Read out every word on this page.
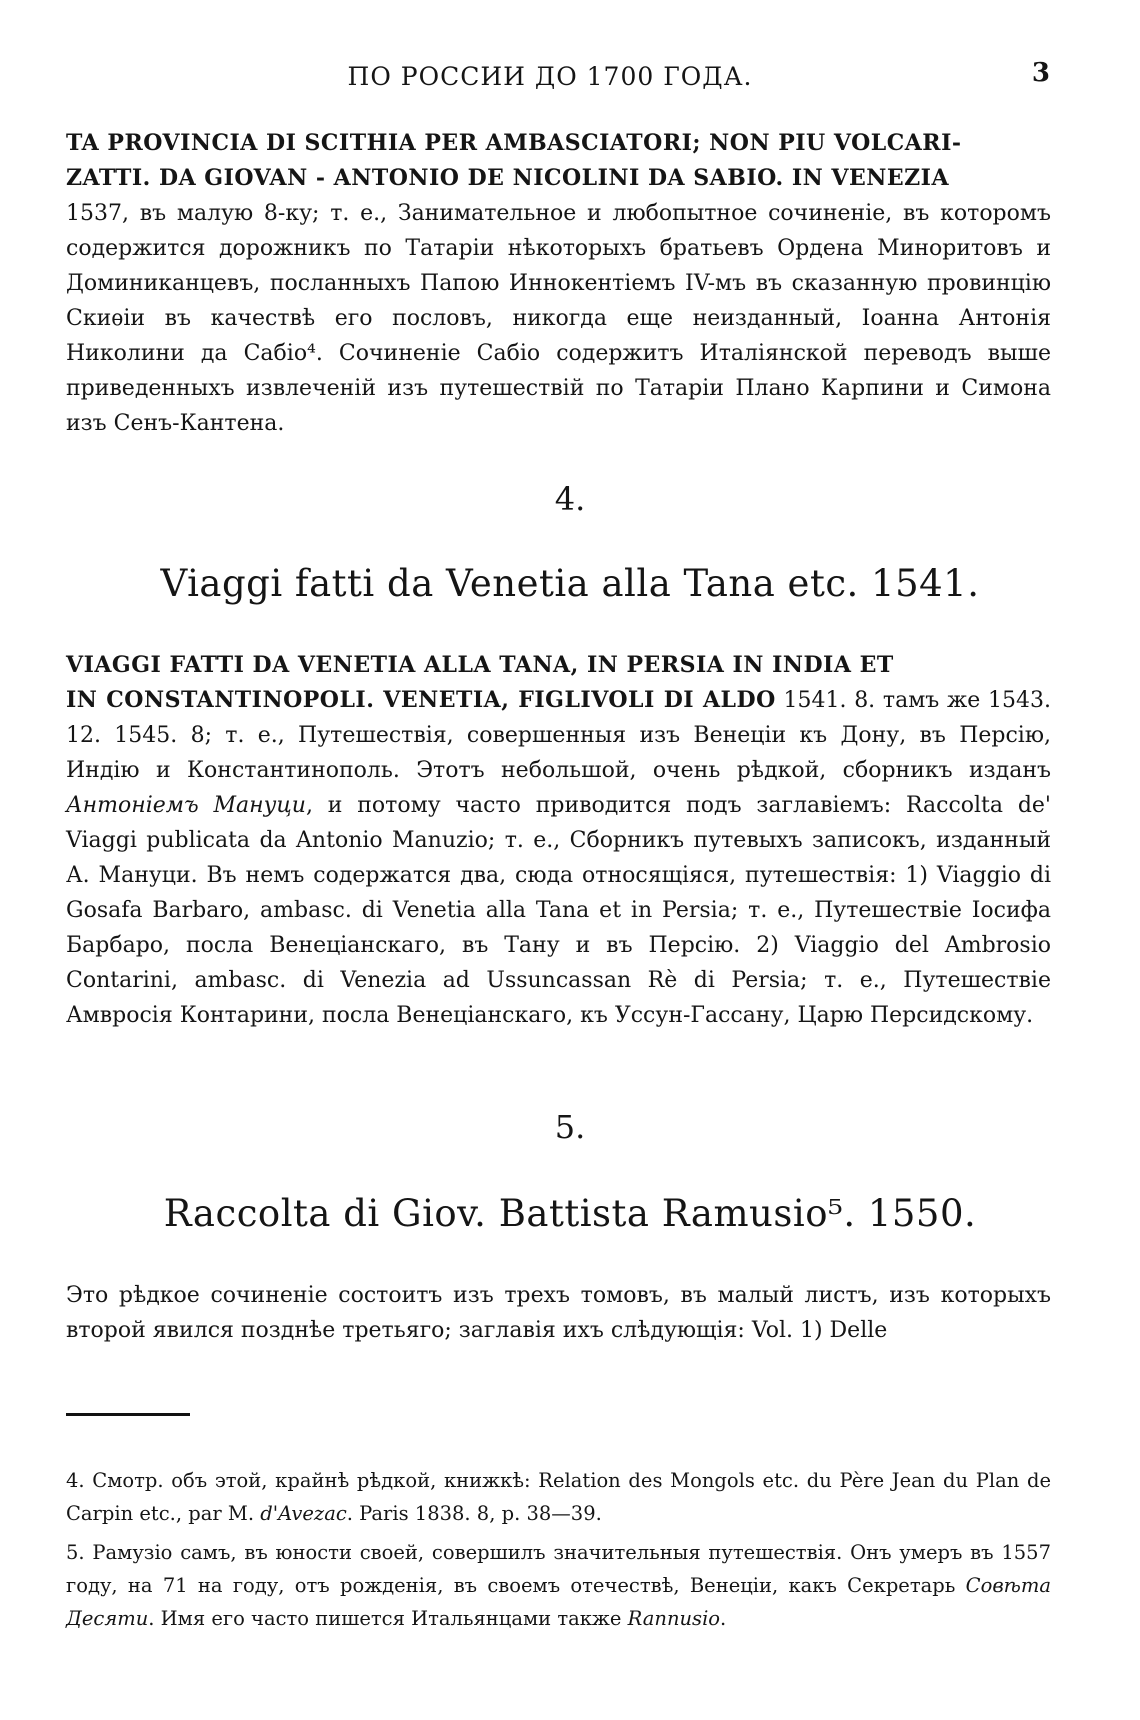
ПО РОССИИ ДО 1700 ГОДА.	3

TA PROVINCIA DI SCITHIA PER AMBASCIATORI; NON PIU VOLCARI-

ZATTI. DA GIOVAN - ANTONIO DE NICOLINI DA SABIO. IN VENEZIA

1537, въ малую 8-ку; т. е., Занимательное и любопытное сочиненіе, въ которомъ содержится дорожникъ по Татаріи нѣкоторыхъ братьевъ Ордена Миноритовъ и Доминиканцевъ, посланныхъ Папою Иннокентіемъ IV-мъ въ сказанную провинцію Скиѳіи въ качествѣ его пословъ, никогда еще неизданный, Іоанна Антонія Николини да Сабіо⁴. Сочиненіе Сабіо содержитъ Италіянской переводъ выше приведенныхъ извлеченій изъ путешествій по Татаріи Плано Карпини и Симона изъ Сенъ-Кантена.

4.
Viaggi fatti da Venetia alla Tana etc. 1541.

VIAGGI FATTI DA VENETIA ALLA TANA, IN PERSIA IN INDIA ET

IN CONSTANTINOPOLI. VENETIA, FIGLIVOLI DI ALDO 1541. 8. тамъ же 1543. 12. 1545. 8; т. е., Путешествія, совершенныя изъ Венеціи къ Дону, въ Персію, Индію и Константинополь. Этотъ небольшой, очень рѣдкой, сборникъ изданъ Антоніемъ Мануци, и потому часто приводится подъ заглавіемъ: Raccolta de' Viaggi publicata da Antonio Manuzio; т. е., Сборникъ путевыхъ записокъ, изданный А. Мануци. Въ немъ содержатся два, сюда относящіяся, путешествія: 1) Viaggio di Gosafa Barbaro, ambasc. di Venetia alla Tana et in Persia; т. е., Путешествіе Іосифа Барбаро, посла Венеціанскаго, въ Тану и въ Персію. 2) Viaggio del Ambrosio Contarini, ambasc. di Venezia ad Ussuncassan Rè di Persia; т. е., Путешествіе Амвросія Контарини, посла Венеціанскаго, къ Уссун-Гассану, Царю Персидскому.

5.
Raccolta di Giov. Battista Ramusio⁵. 1550.

Это рѣдкое сочиненіе состоитъ изъ трехъ томовъ, въ малый листъ, изъ которыхъ второй явился позднѣе третьяго; заглавія ихъ слѣдующія: Vol. 1) Delle

4. Смотр. объ этой, крайнѣ рѣдкой, книжкѣ: Relation des Mongols etc. du Père Jean du Plan de Carpin etc., par M. d'Avezac. Paris 1838. 8, p. 38—39.

5. Рамузіо самъ, въ юности своей, совершилъ значительныя путешествія. Онъ умеръ въ 1557 году, на 71 на году, отъ рожденія, въ своемъ отечествѣ, Венеціи, какъ Секретарь Совѣта Десяти. Имя его часто пишется Итальянцами также Rannusio.
